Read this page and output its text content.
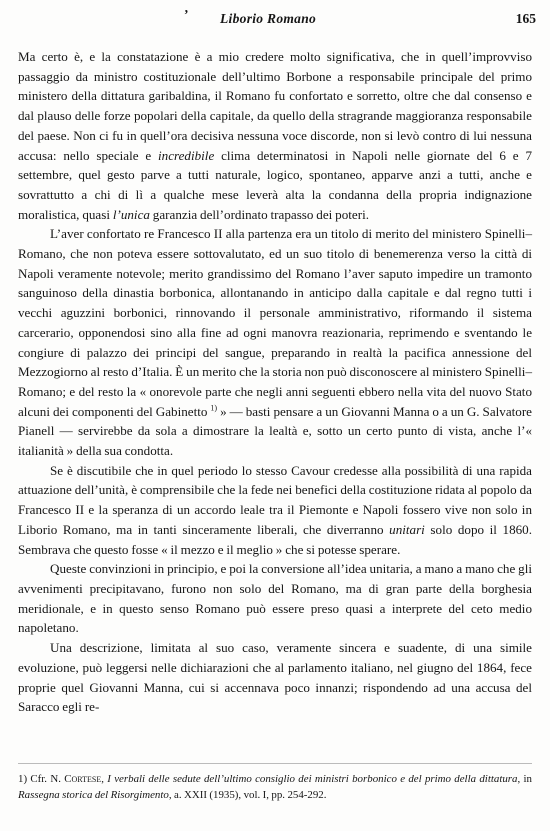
’ Liborio Romano	165

Ma certo è, e la constatazione è a mio credere molto significativa, che in quell’improvviso passaggio da ministro costituzionale dell’ultimo Borbone a responsabile principale del primo ministero della dittatura garibaldina, il Romano fu confortato e sorretto, oltre che dal consenso e dal plauso delle forze popolari della capitale, da quello della stragrande maggioranza responsabile del paese. Non ci fu in quell’ora decisiva nessuna voce discorde, non si levò contro di lui nessuna accusa: nello speciale e incredibile clima determinatosi in Napoli nelle giornate del 6 e 7 settembre, quel gesto parve a tutti naturale, logico, spontaneo, apparve anzi a tutti, anche e sovrattutto a chi di lì a qualche mese leverà alta la condanna della propria indignazione moralistica, quasi l’unica garanzia dell’ordinato trapasso dei poteri.

L’aver confortato re Francesco II alla partenza era un titolo di merito del ministero Spinelli–Romano, che non poteva essere sottovalutato, ed un suo titolo di benemerenza verso la città di Napoli veramente notevole; merito grandissimo del Romano l’aver saputo impedire un tramonto sanguinoso della dinastia borbonica, allontanando in anticipo dalla capitale e dal regno tutti i vecchi aguzzini borbonici, rinnovando il personale amministrativo, riformando il sistema carcerario, opponendosi sino alla fine ad ogni manovra reazionaria, reprimendo e sventando le congiure di palazzo dei principi del sangue, preparando in realtà la pacifica annessione del Mezzogiorno al resto d’Italia. È un merito che la storia non può disconoscere al ministero Spinelli–Romano; e del resto la « onorevole parte che negli anni seguenti ebbero nella vita del nuovo Stato alcuni dei componenti del Gabinetto $^{1)}$ » — basti pensare a un Giovanni Manna o a un G. Salvatore Pianell — servirebbe da sola a dimostrare la lealtà e, sotto un certo punto di vista, anche l’« italianità » della sua condotta.

Se è discutibile che in quel periodo lo stesso Cavour credesse alla possibilità di una rapida attuazione dell’unità, è comprensibile che la fede nei benefici della costituzione ridata al popolo da Francesco II e la speranza di un accordo leale tra il Piemonte e Napoli fossero vive non solo in Liborio Romano, ma in tanti sinceramente liberali, che diverranno unitari solo dopo il 1860. Sembrava che questo fosse « il mezzo e il meglio » che si potesse sperare.

Queste convinzioni in principio, e poi la conversione all’idea unitaria, a mano a mano che gli avvenimenti precipitavano, furono non solo del Romano, ma di gran parte della borghesia meridionale, e in questo senso Romano può essere preso quasi a interprete del ceto medio napoletano.

Una descrizione, limitata al suo caso, veramente sincera e suadente, di una simile evoluzione, può leggersi nelle dichiarazioni che al parlamento italiano, nel giugno del 1864, fece proprie quel Giovanni Manna, cui si accennava poco innanzi; rispondendo ad una accusa del Saracco egli re-

1) Cfr. N. Cortese, I verbali delle sedute dell’ultimo consiglio dei ministri borbonico e del primo della dittatura, in Rassegna storica del Risorgimento, a. XXII (1935), vol. I, pp. 254-292.
